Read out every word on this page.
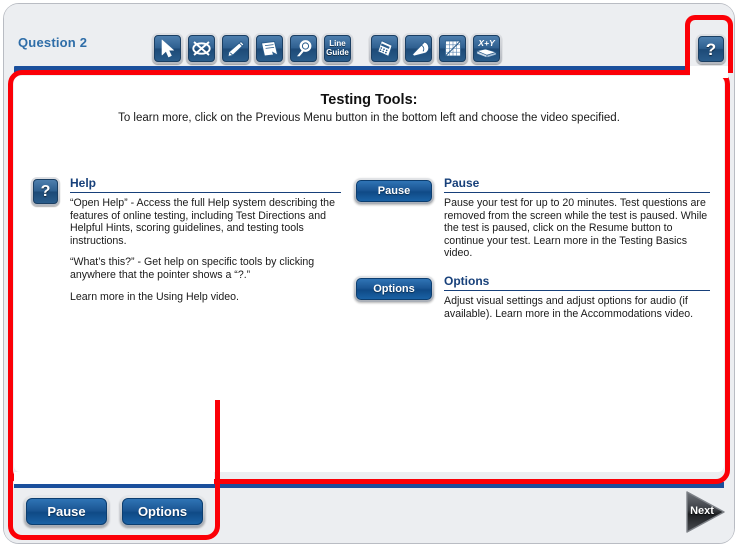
Question 2	Line Guide
X+Y	?
Testing Tools:
To learn more, click on the Previous Menu button in the bottom left and choose the video specified.
?	Help

“Open Help” - Access the full Help system describing the features of online testing, including Test Directions and Helpful Hints, scoring guidelines, and testing tools instructions.

“What’s this?” - Get help on specific tools by clicking anywhere that the pointer shows a “?.”

Learn more in the Using Help video.

Pause
Pause

Pause your test for up to 20 minutes. Test questions are removed from the screen while the test is paused. While the test is paused, click on the Resume button to continue your test. Learn more in the Testing Basics video.

Options
Options

Adjust visual settings and adjust options for audio (if available). Learn more in the Accommodations video.

Pause	Options	Next
